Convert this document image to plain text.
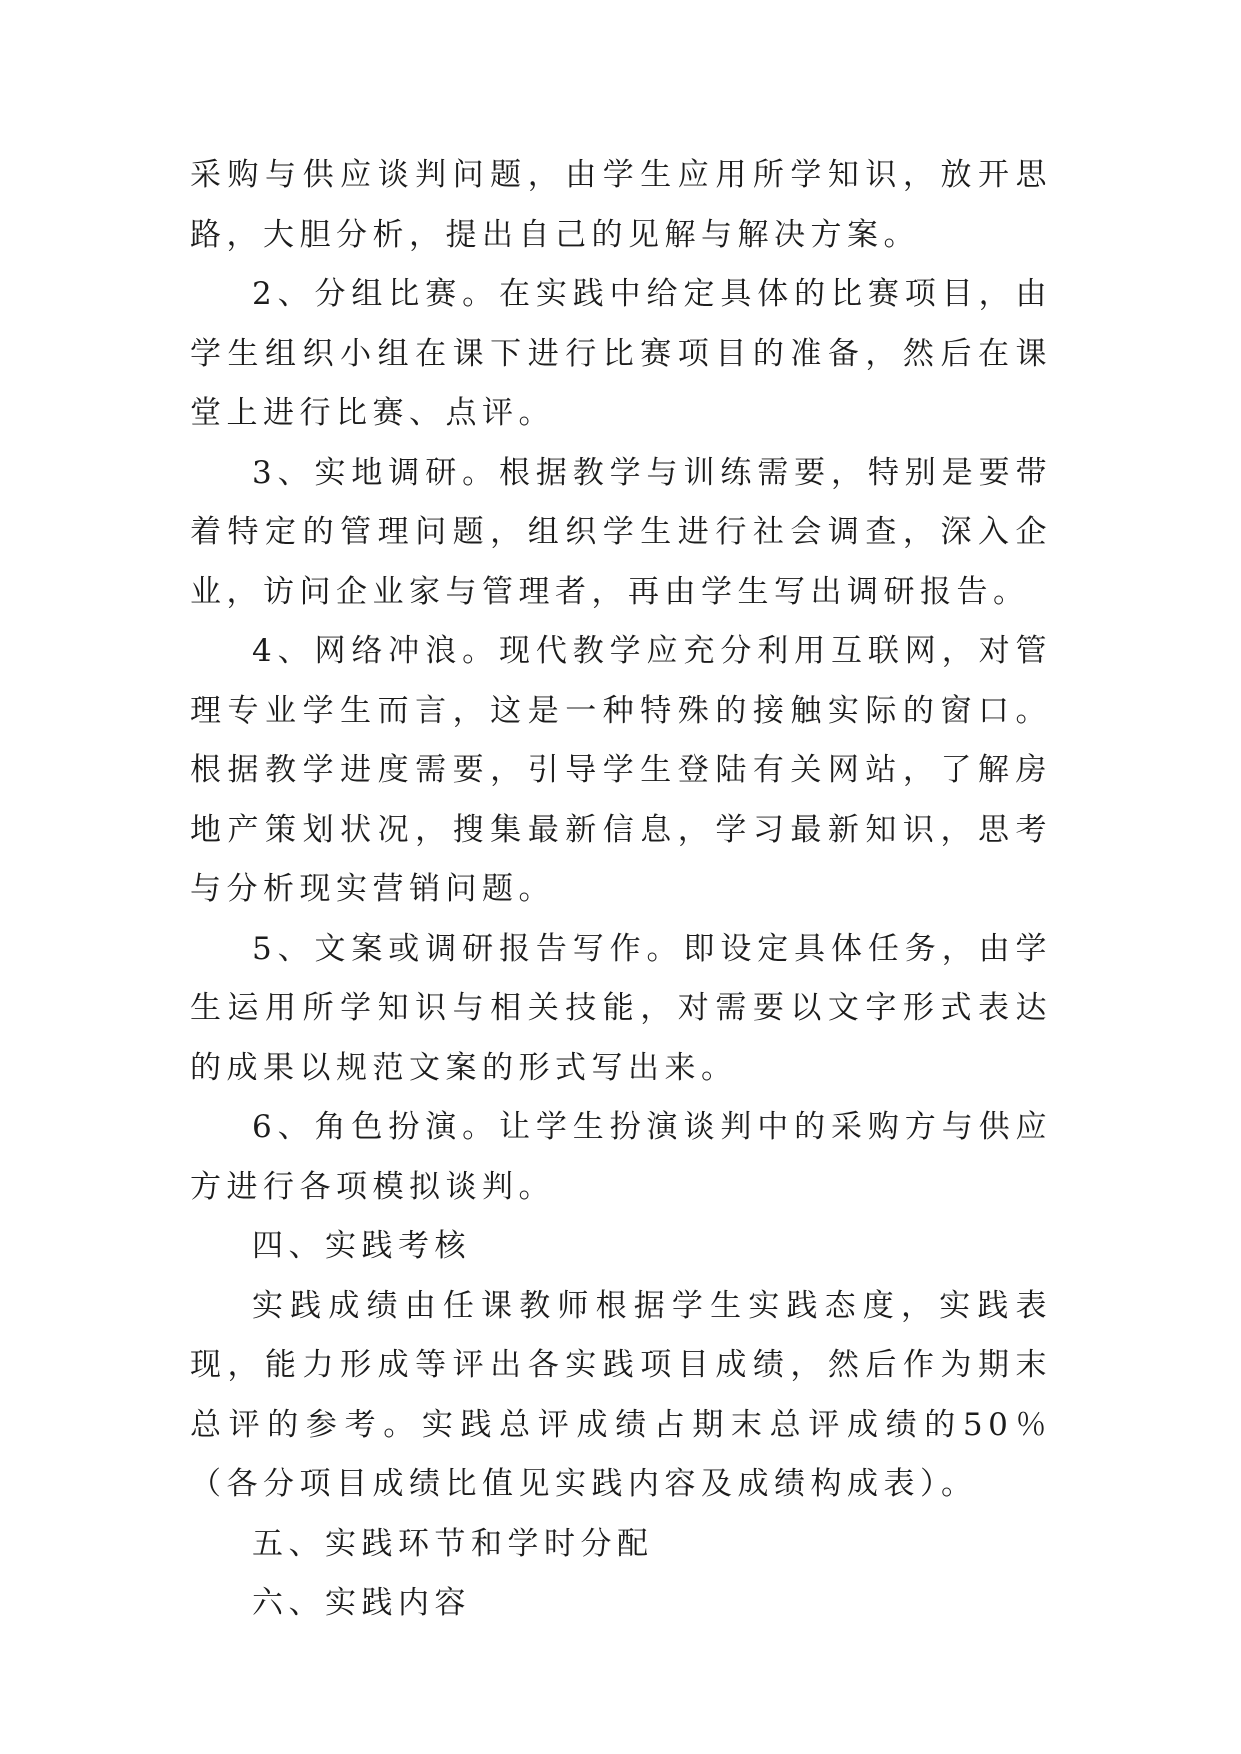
采购与供应谈判问题，由学生应用所学知识，放开思路，大胆分析，提出自己的见解与解决方案。

2、分组比赛。在实践中给定具体的比赛项目，由学生组织小组在课下进行比赛项目的准备，然后在课堂上进行比赛、点评。

3、实地调研。根据教学与训练需要，特别是要带着特定的管理问题，组织学生进行社会调查，深入企业，访问企业家与管理者，再由学生写出调研报告。

4、网络冲浪。现代教学应充分利用互联网，对管理专业学生而言，这是一种特殊的接触实际的窗口。根据教学进度需要，引导学生登陆有关网站，了解房地产策划状况，搜集最新信息，学习最新知识，思考与分析现实营销问题。

5、文案或调研报告写作。即设定具体任务，由学生运用所学知识与相关技能，对需要以文字形式表达的成果以规范文案的形式写出来。

6、角色扮演。让学生扮演谈判中的采购方与供应方进行各项模拟谈判。

四、实践考核

实践成绩由任课教师根据学生实践态度，实践表现，能力形成等评出各实践项目成绩，然后作为期末总评的参考。实践总评成绩占期末总评成绩的50％（各分项目成绩比值见实践内容及成绩构成表）。

五、实践环节和学时分配

六、实践内容
